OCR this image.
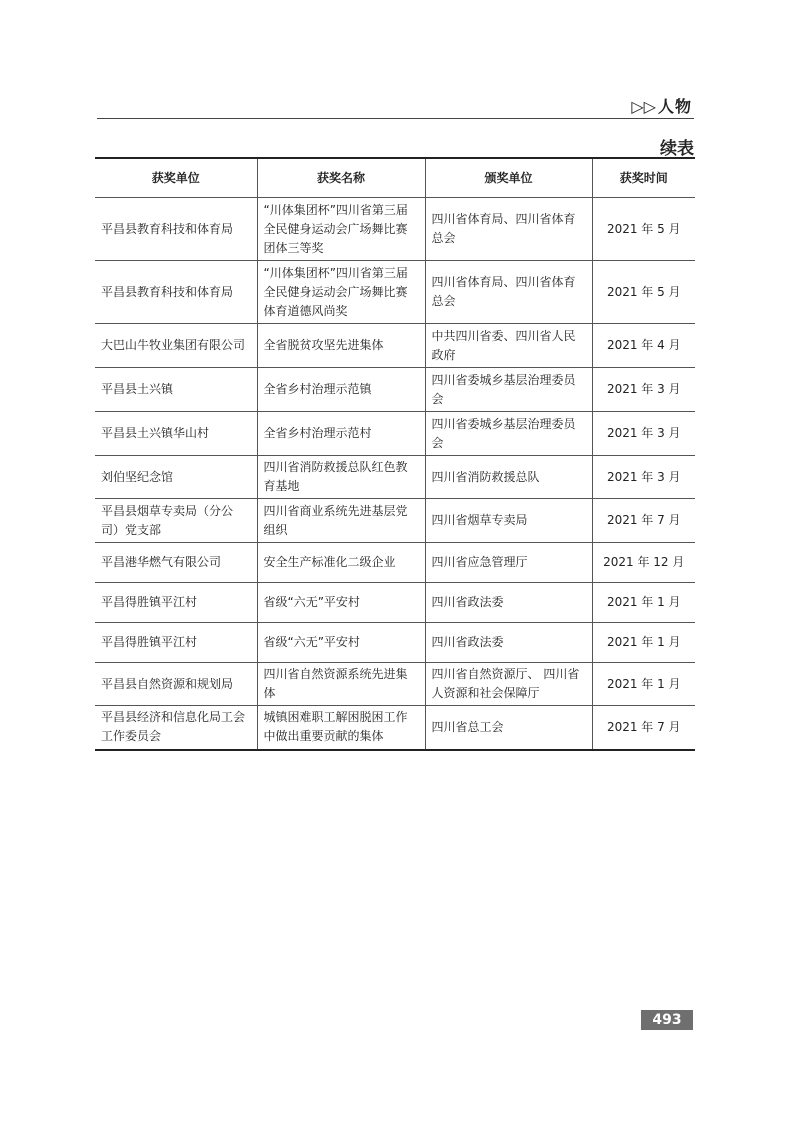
▷▷ 人物
续表
获奖单位	获奖名称	颁奖单位	获奖时间
平昌县教育科技和体育局	“川体集团杯”四川省第三届全民健身运动会广场舞比赛团体三等奖	四川省体育局、四川省体育总会	2021 年 5 月
平昌县教育科技和体育局	“川体集团杯”四川省第三届全民健身运动会广场舞比赛体育道德风尚奖	四川省体育局、四川省体育总会	2021 年 5 月
大巴山牛牧业集团有限公司	全省脱贫攻坚先进集体	中共四川省委、四川省人民政府	2021 年 4 月
平昌县土兴镇	全省乡村治理示范镇	四川省委城乡基层治理委员会	2021 年 3 月
平昌县土兴镇华山村	全省乡村治理示范村	四川省委城乡基层治理委员会	2021 年 3 月
刘伯坚纪念馆	四川省消防救援总队红色教育基地	四川省消防救援总队	2021 年 3 月
平昌县烟草专卖局（分公司）党支部	四川省商业系统先进基层党组织	四川省烟草专卖局	2021 年 7 月
平昌港华燃气有限公司	安全生产标准化二级企业	四川省应急管理厅	2021 年 12 月
平昌得胜镇平江村	省级“六无”平安村	四川省政法委	2021 年 1 月
平昌得胜镇平江村	省级“六无”平安村	四川省政法委	2021 年 1 月
平昌县自然资源和规划局	四川省自然资源系统先进集体	四川省自然资源厅、 四川省人资源和社会保障厅	2021 年 1 月
平昌县经济和信息化局工会工作委员会	城镇困难职工解困脱困工作中做出重要贡献的集体	四川省总工会	2021 年 7 月
493
